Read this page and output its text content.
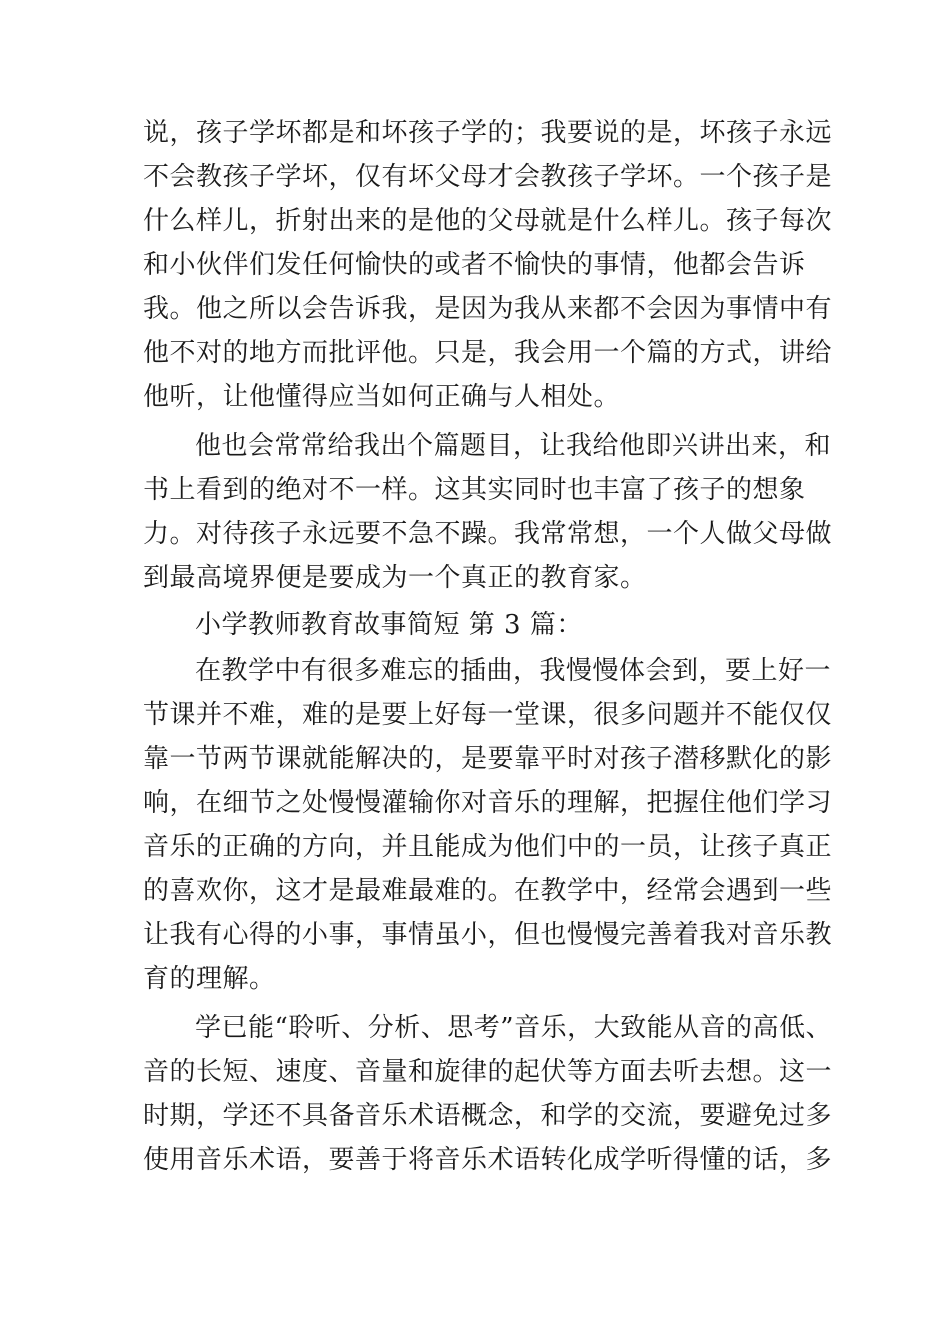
说，孩子学坏都是和坏孩子学的；我要说的是，坏孩子永远
不会教孩子学坏，仅有坏父母才会教孩子学坏。一个孩子是
什么样儿，折射出来的是他的父母就是什么样儿。孩子每次
和小伙伴们发任何愉快的或者不愉快的事情，他都会告诉
我。他之所以会告诉我，是因为我从来都不会因为事情中有
他不对的地方而批评他。只是，我会用一个篇的方式，讲给
他听，让他懂得应当如何正确与人相处。
他也会常常给我出个篇题目，让我给他即兴讲出来，和
书上看到的绝对不一样。这其实同时也丰富了孩子的想象
力。对待孩子永远要不急不躁。我常常想，一个人做父母做
到最高境界便是要成为一个真正的教育家。
小学教师教育故事简短 第 3 篇：
在教学中有很多难忘的插曲，我慢慢体会到，要上好一
节课并不难，难的是要上好每一堂课，很多问题并不能仅仅
靠一节两节课就能解决的，是要靠平时对孩子潜移默化的影
响，在细节之处慢慢灌输你对音乐的理解，把握住他们学习
音乐的正确的方向，并且能成为他们中的一员，让孩子真正
的喜欢你，这才是最难最难的。在教学中，经常会遇到一些
让我有心得的小事，事情虽小，但也慢慢完善着我对音乐教
育的理解。
学已能“聆听、分析、思考”音乐，大致能从音的高低、
音的长短、速度、音量和旋律的起伏等方面去听去想。这一
时期，学还不具备音乐术语概念，和学的交流，要避免过多
使用音乐术语，要善于将音乐术语转化成学听得懂的话，多
